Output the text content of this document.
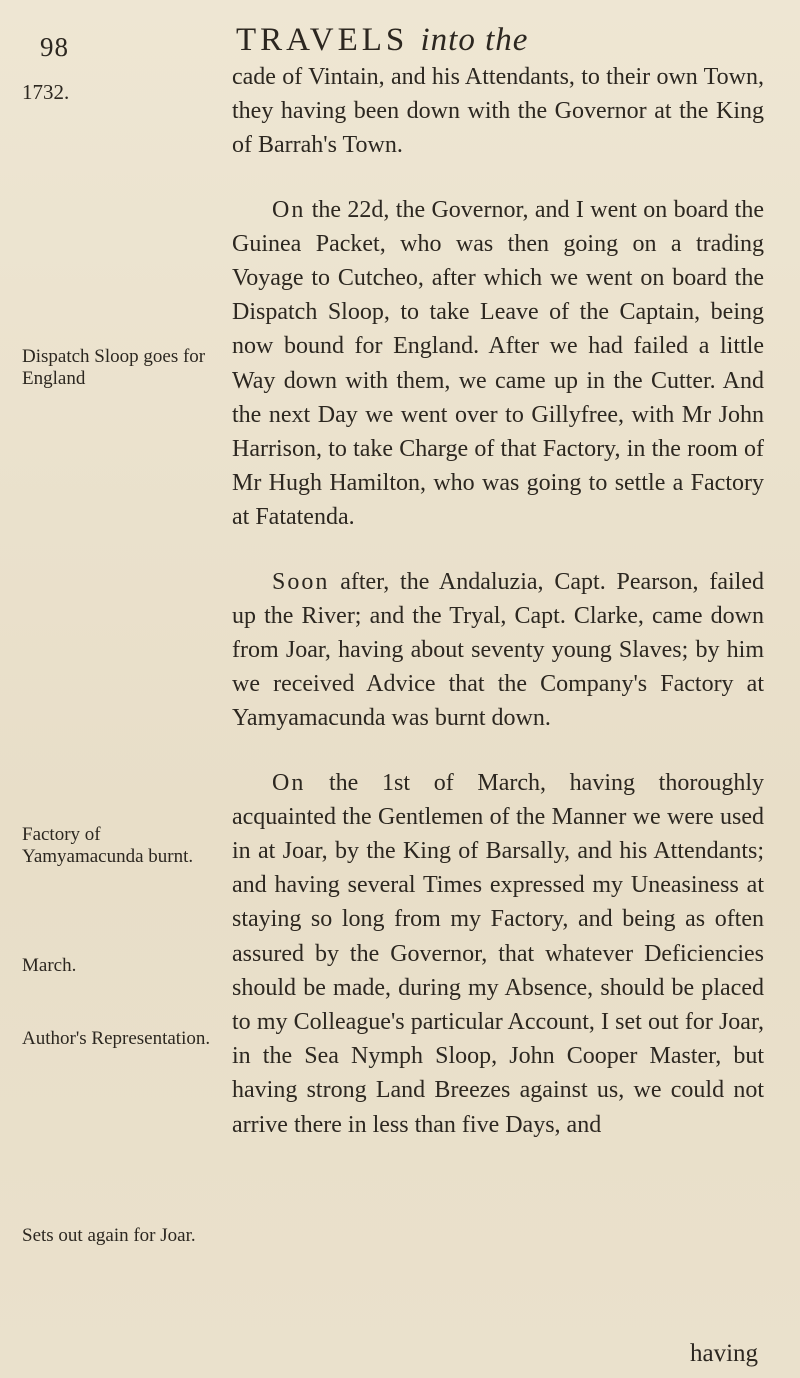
98	TRAVELS into the
1732.
Dispatch Sloop goes for England
Factory of Yamyamacunda burnt.
March.
Author's Representation.
Sets out again for Joar.

cade of Vintain, and his Attendants, to their own Town, they having been down with the Governor at the King of Barrah's Town.

On the 22d, the Governor, and I went on board the Guinea Packet, who was then going on a trading Voyage to Cutcheo, after which we went on board the Dispatch Sloop, to take Leave of the Captain, being now bound for England. After we had failed a little Way down with them, we came up in the Cutter. And the next Day we went over to Gillyfree, with Mr John Harrison, to take Charge of that Factory, in the room of Mr Hugh Hamilton, who was going to settle a Factory at Fatatenda.

Soon after, the Andaluzia, Capt. Pearson, failed up the River; and the Tryal, Capt. Clarke, came down from Joar, having about seventy young Slaves; by him we received Advice that the Company's Factory at Yamyamacunda was burnt down.

On the 1st of March, having thoroughly acquainted the Gentlemen of the Manner we were used in at Joar, by the King of Barsally, and his Attendants; and having several Times expressed my Uneasiness at staying so long from my Factory, and being as often assured by the Governor, that whatever Deficiencies should be made, during my Absence, should be placed to my Colleague's particular Account, I set out for Joar, in the Sea Nymph Sloop, John Cooper Master, but having strong Land Breezes against us, we could not arrive there in less than five Days, and

having
